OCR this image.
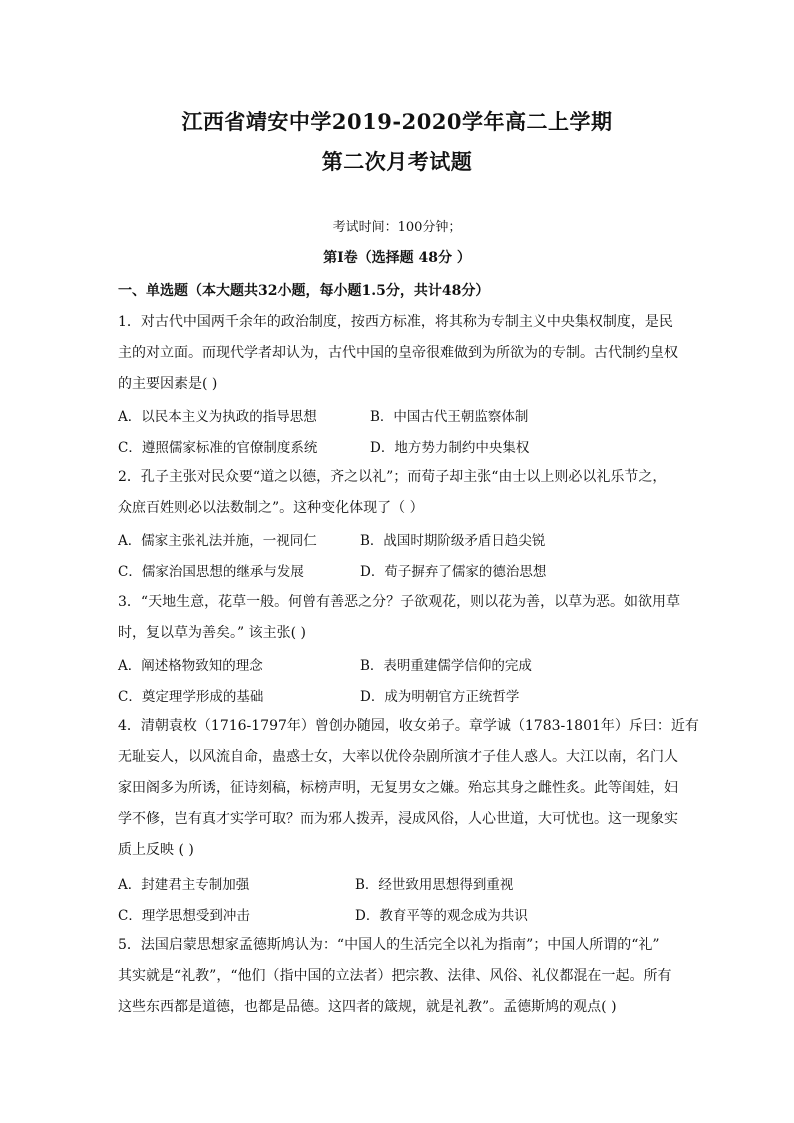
江西省靖安中学2019-2020学年高二上学期
第二次月考试题
考试时间：100分钟；
第Ⅰ卷（选择题 48分 ）
一、单选题（本大题共32小题，每小题1.5分，共计48分）
1．对古代中国两千余年的政治制度，按西方标准，将其称为专制主义中央集权制度，是民
主的对立面。而现代学者却认为，古代中国的皇帝很难做到为所欲为的专制。古代制约皇权
的主要因素是( )
A．以民本主义为执政的指导思想	B．中国古代王朝监察体制
C．遵照儒家标准的官僚制度系统	D．地方势力制约中央集权
2．孔子主张对民众要“道之以德，齐之以礼”；而荀子却主张“由士以上则必以礼乐节之，
众庶百姓则必以法数制之”。这种变化体现了（ ）
A．儒家主张礼法并施，一视同仁	B．战国时期阶级矛盾日趋尖锐
C．儒家治国思想的继承与发展	D．荀子摒弃了儒家的德治思想
3．“天地生意，花草一般。何曾有善恶之分？子欲观花，则以花为善，以草为恶。如欲用草
时，复以草为善矣。” 该主张( )
A．阐述格物致知的理念	B．表明重建儒学信仰的完成
C．奠定理学形成的基础	D．成为明朝官方正统哲学
4．清朝袁枚（1716-1797年）曾创办随园，收女弟子。章学诚（1783-1801年）斥曰：近有
无耻妄人，以风流自命，蛊惑士女，大率以优伶杂剧所演才子佳人惑人。大江以南，名门人
家田阁多为所诱，征诗刻稿，标榜声明，无复男女之嫌。殆忘其身之雌性炙。此等闺娃，妇
学不修，岂有真才实学可取？而为邪人拨弄，浸成风俗，人心世道，大可忧也。这一现象实
质上反映 ( )
A．封建君主专制加强	B．经世致用思想得到重视
C．理学思想受到冲击	D．教育平等的观念成为共识
5．法国启蒙思想家孟德斯鸠认为：“中国人的生活完全以礼为指南”；中国人所谓的“礼”
其实就是“礼教”，“他们（指中国的立法者）把宗教、法律、风俗、礼仪都混在一起。所有
这些东西都是道德，也都是品德。这四者的箴规，就是礼教”。孟德斯鸠的观点( )
